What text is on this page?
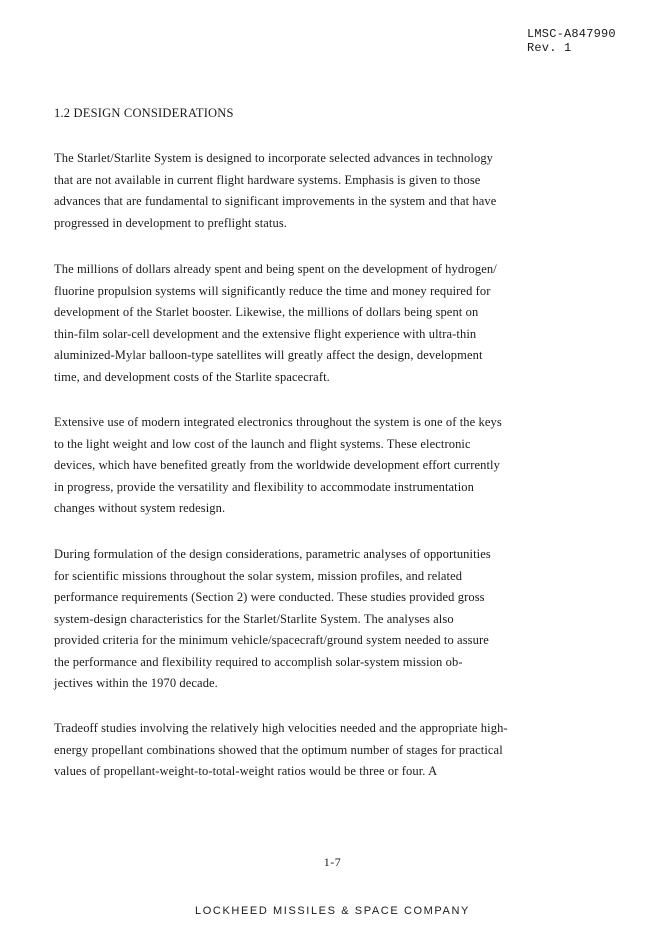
LMSC-A847990
Rev. 1
1.2 DESIGN CONSIDERATIONS

The Starlet/Starlite System is designed to incorporate selected advances in technology
that are not available in current flight hardware systems. Emphasis is given to those
advances that are fundamental to significant improvements in the system and that have
progressed in development to preflight status.

The millions of dollars already spent and being spent on the development of hydrogen/
fluorine propulsion systems will significantly reduce the time and money required for
development of the Starlet booster. Likewise, the millions of dollars being spent on
thin-film solar-cell development and the extensive flight experience with ultra-thin
aluminized-Mylar balloon-type satellites will greatly affect the design, development
time, and development costs of the Starlite spacecraft.

Extensive use of modern integrated electronics throughout the system is one of the keys
to the light weight and low cost of the launch and flight systems. These electronic
devices, which have benefited greatly from the worldwide development effort currently
in progress, provide the versatility and flexibility to accommodate instrumentation
changes without system redesign.

During formulation of the design considerations, parametric analyses of opportunities
for scientific missions throughout the solar system, mission profiles, and related
performance requirements (Section 2) were conducted. These studies provided gross
system-design characteristics for the Starlet/Starlite System. The analyses also
provided criteria for the minimum vehicle/spacecraft/ground system needed to assure
the performance and flexibility required to accomplish solar-system mission ob-
jectives within the 1970 decade.

Tradeoff studies involving the relatively high velocities needed and the appropriate high-
energy propellant combinations showed that the optimum number of stages for practical
values of propellant-weight-to-total-weight ratios would be three or four. A

1-7
LOCKHEED MISSILES & SPACE COMPANY
